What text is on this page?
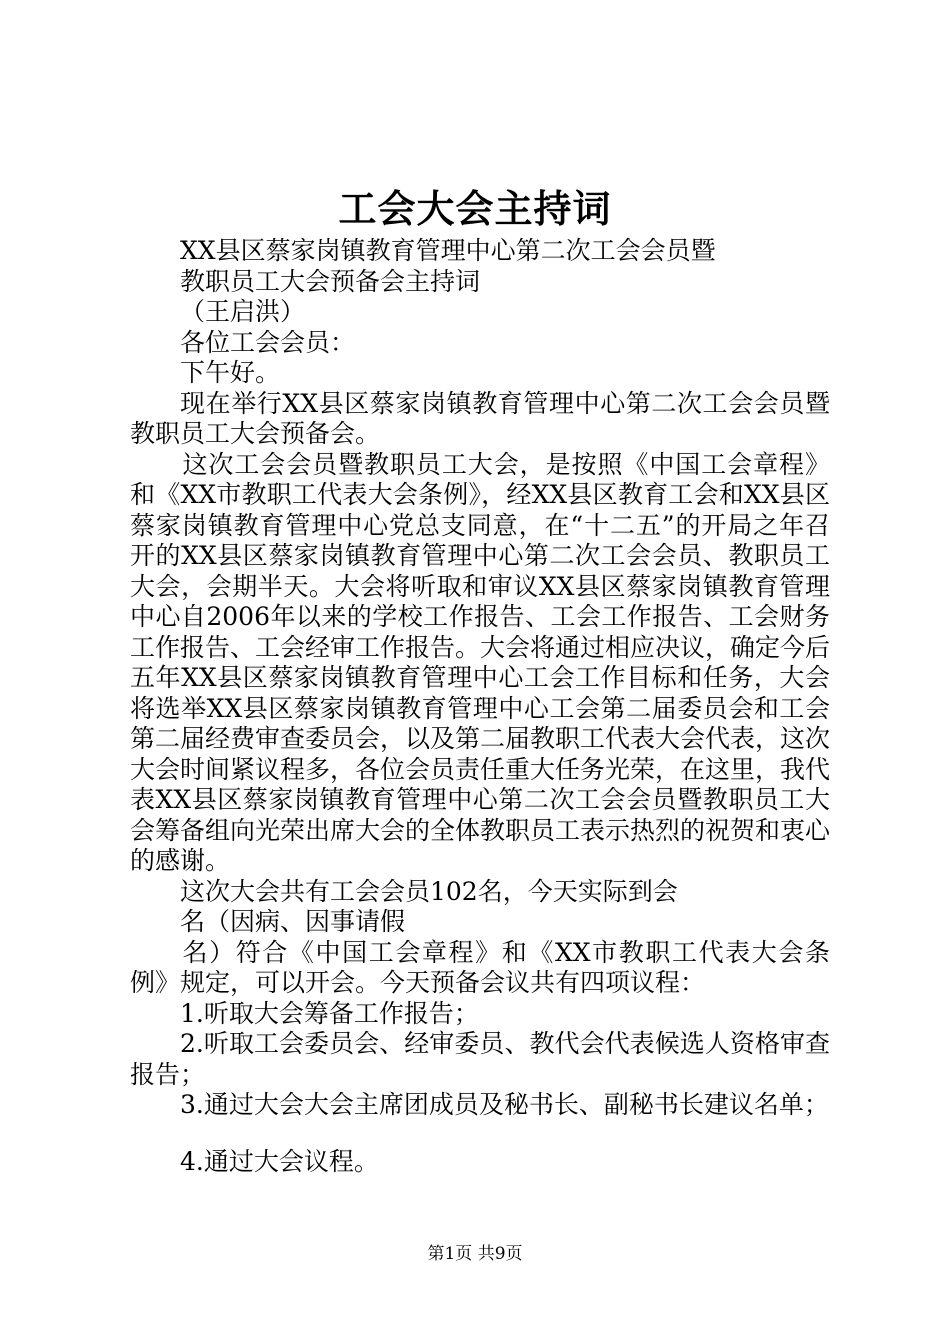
工会大会主持词

XX县区蔡家岗镇教育管理中心第二次工会会员暨

教职员工大会预备会主持词

（王启洪）

各位工会会员：

下午好。

现在举行XX县区蔡家岗镇教育管理中心第二次工会会员暨教职员工大会预备会。

这次工会会员暨教职员工大会，是按照《中国工会章程》和《XX市教职工代表大会条例》，经XX县区教育工会和XX县区蔡家岗镇教育管理中心党总支同意，在“十二五”的开局之年召开的XX县区蔡家岗镇教育管理中心第二次工会会员、教职员工大会，会期半天。大会将听取和审议XX县区蔡家岗镇教育管理中心自2006年以来的学校工作报告、工会工作报告、工会财务工作报告、工会经审工作报告。大会将通过相应决议，确定今后五年XX县区蔡家岗镇教育管理中心工会工作目标和任务，大会将选举XX县区蔡家岗镇教育管理中心工会第二届委员会和工会第二届经费审查委员会，以及第二届教职工代表大会代表，这次大会时间紧议程多，各位会员责任重大任务光荣，在这里，我代表XX县区蔡家岗镇教育管理中心第二次工会会员暨教职员工大会筹备组向光荣出席大会的全体教职员工表示热烈的祝贺和衷心的感谢。

这次大会共有工会会员102名，今天实际到会

名（因病、因事请假

名）符合《中国工会章程》和《XX市教职工代表大会条例》规定，可以开会。今天预备会议共有四项议程：

1.听取大会筹备工作报告；

2.听取工会委员会、经审委员、教代会代表候选人资格审查报告；

3.通过大会大会主席团成员及秘书长、副秘书长建议名单；

4.通过大会议程。

第1页 共9页
